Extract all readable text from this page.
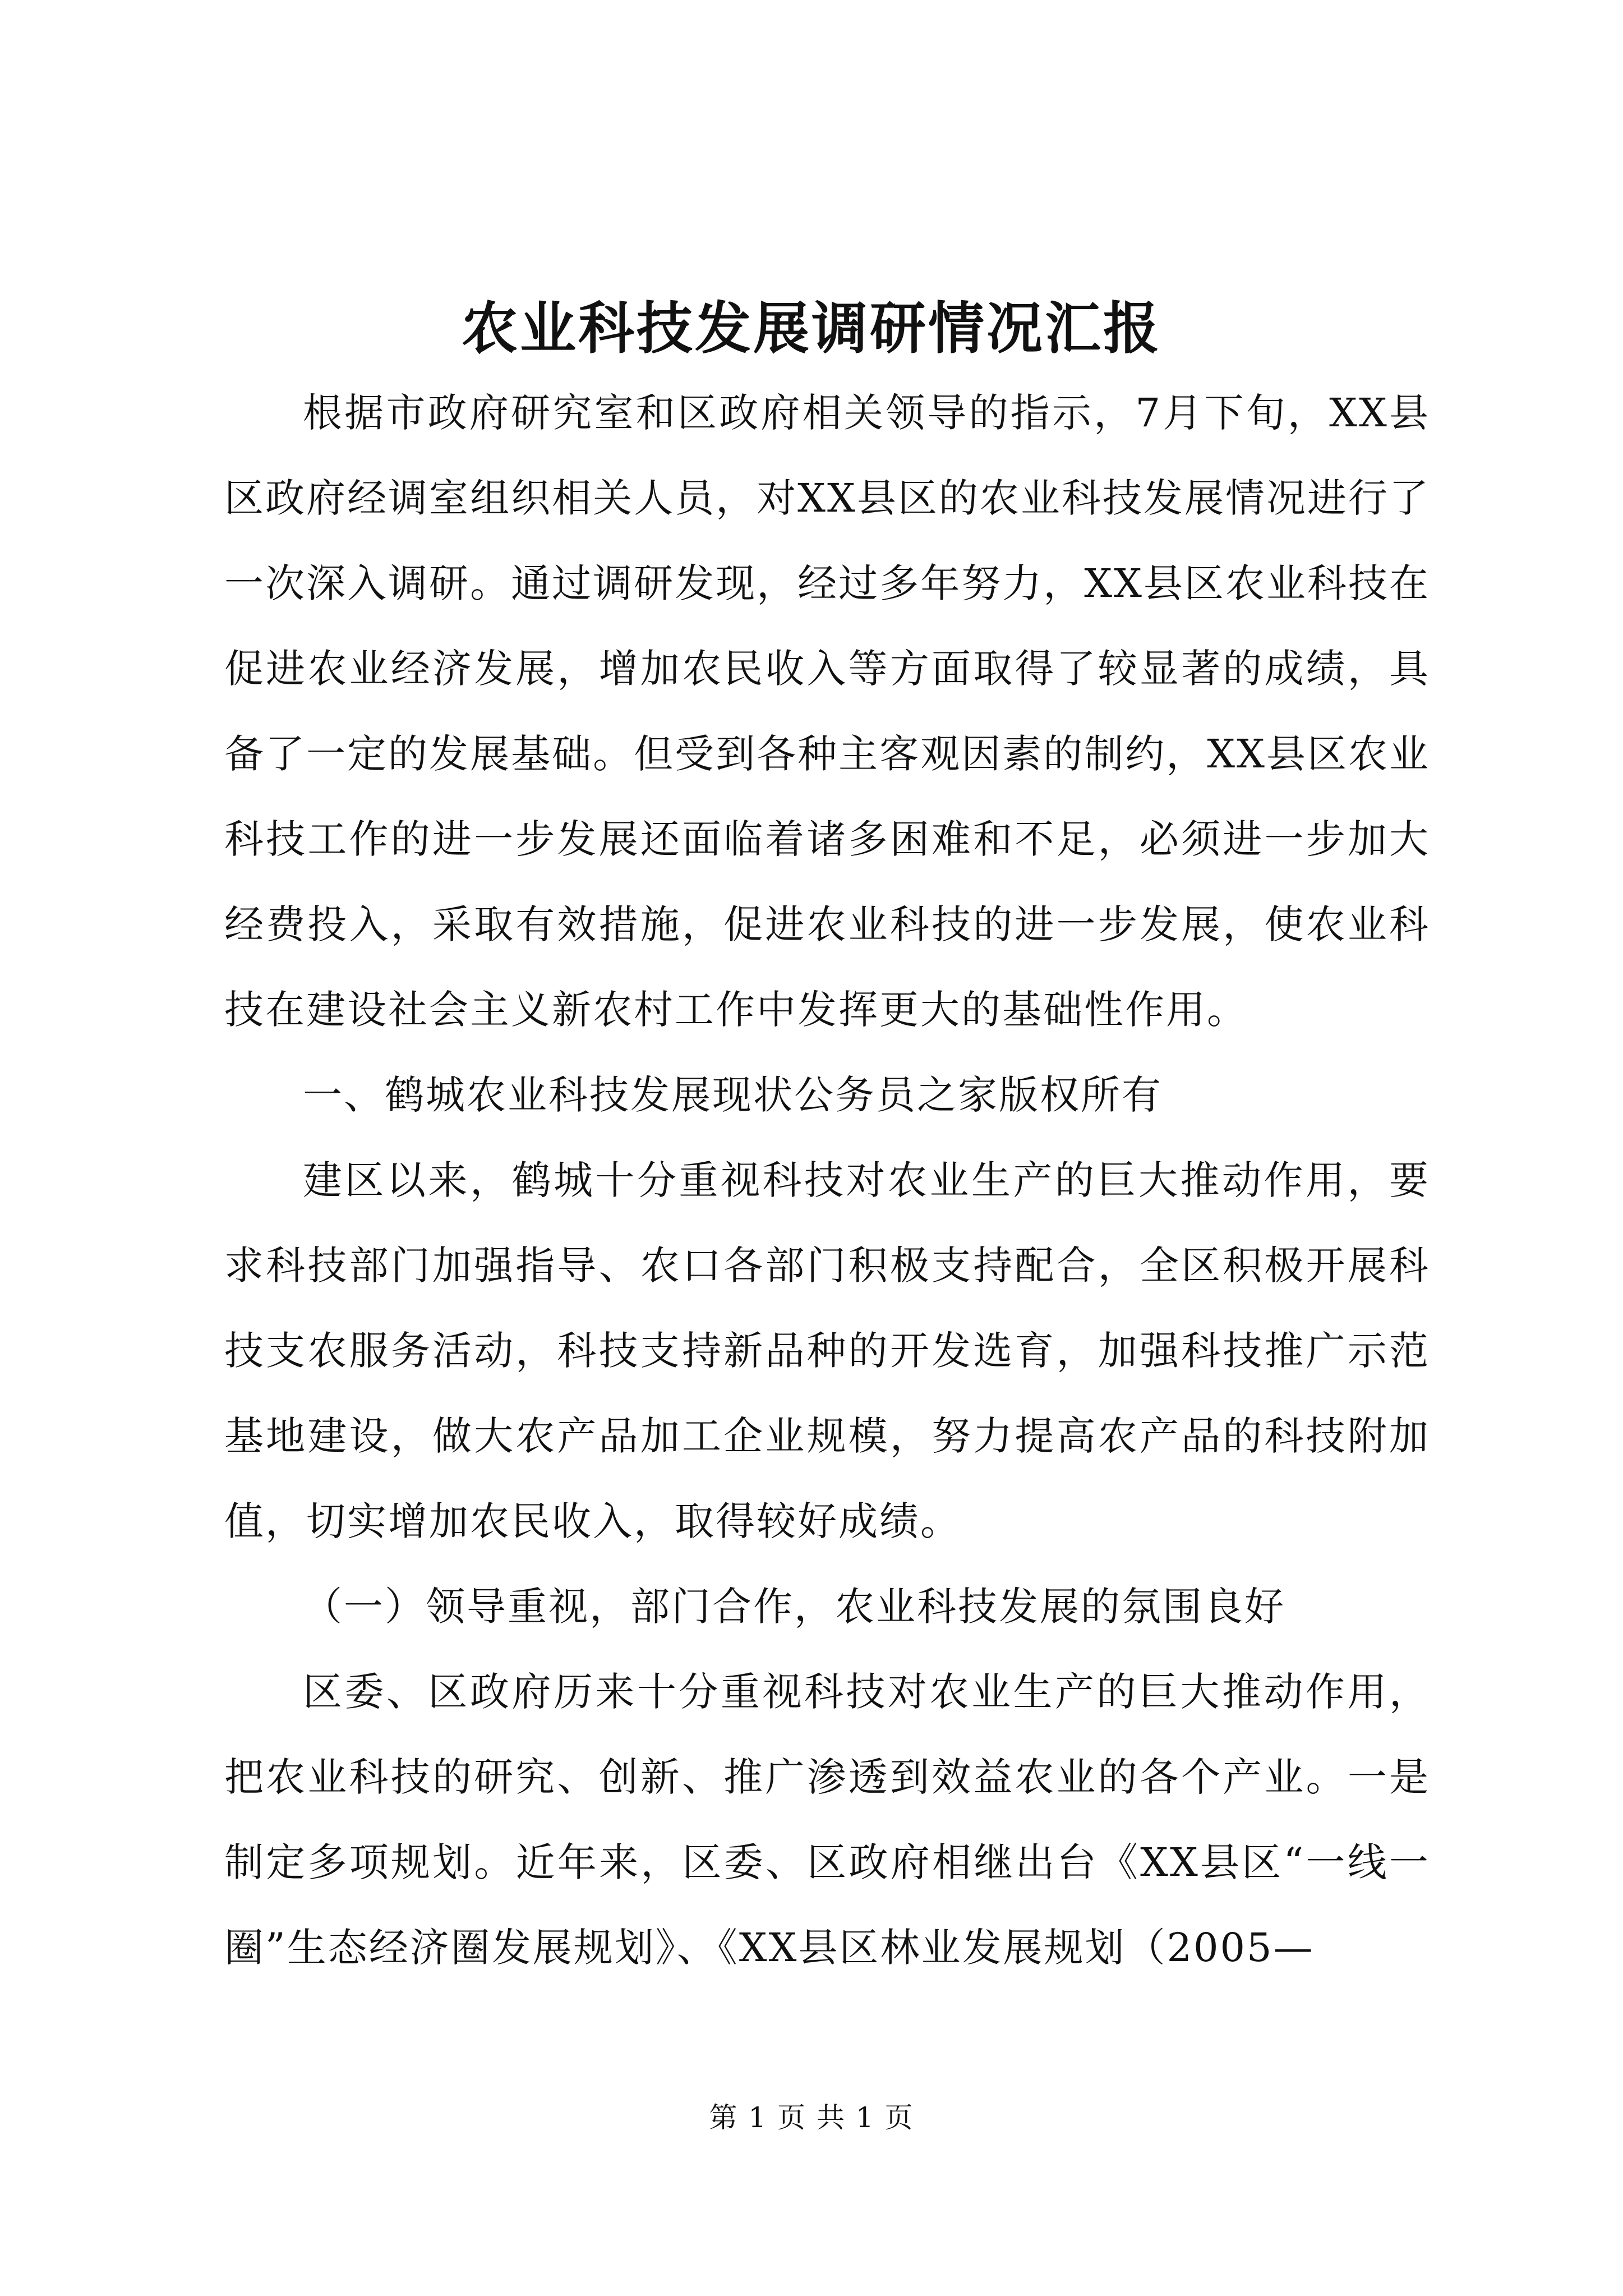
农业科技发展调研情况汇报

根据市政府研究室和区政府相关领导的指示，7月下旬，XX县区政府经调室组织相关人员，对XX县区的农业科技发展情况进行了一次深入调研。通过调研发现，经过多年努力，XX县区农业科技在促进农业经济发展，增加农民收入等方面取得了较显著的成绩，具备了一定的发展基础。但受到各种主客观因素的制约，XX县区农业科技工作的进一步发展还面临着诸多困难和不足，必须进一步加大经费投入，采取有效措施，促进农业科技的进一步发展，使农业科技在建设社会主义新农村工作中发挥更大的基础性作用。

一、鹤城农业科技发展现状公务员之家版权所有

建区以来，鹤城十分重视科技对农业生产的巨大推动作用，要求科技部门加强指导、农口各部门积极支持配合，全区积极开展科技支农服务活动，科技支持新品种的开发选育，加强科技推广示范基地建设，做大农产品加工企业规模，努力提高农产品的科技附加值，切实增加农民收入，取得较好成绩。

（一）领导重视，部门合作，农业科技发展的氛围良好

区委、区政府历来十分重视科技对农业生产的巨大推动作用，把农业科技的研究、创新、推广渗透到效益农业的各个产业。一是制定多项规划。近年来，区委、区政府相继出台《XX县区“一线一圈”生态经济圈发展规划》、《XX县区林业发展规划（2005—

第 1 页 共 1 页
